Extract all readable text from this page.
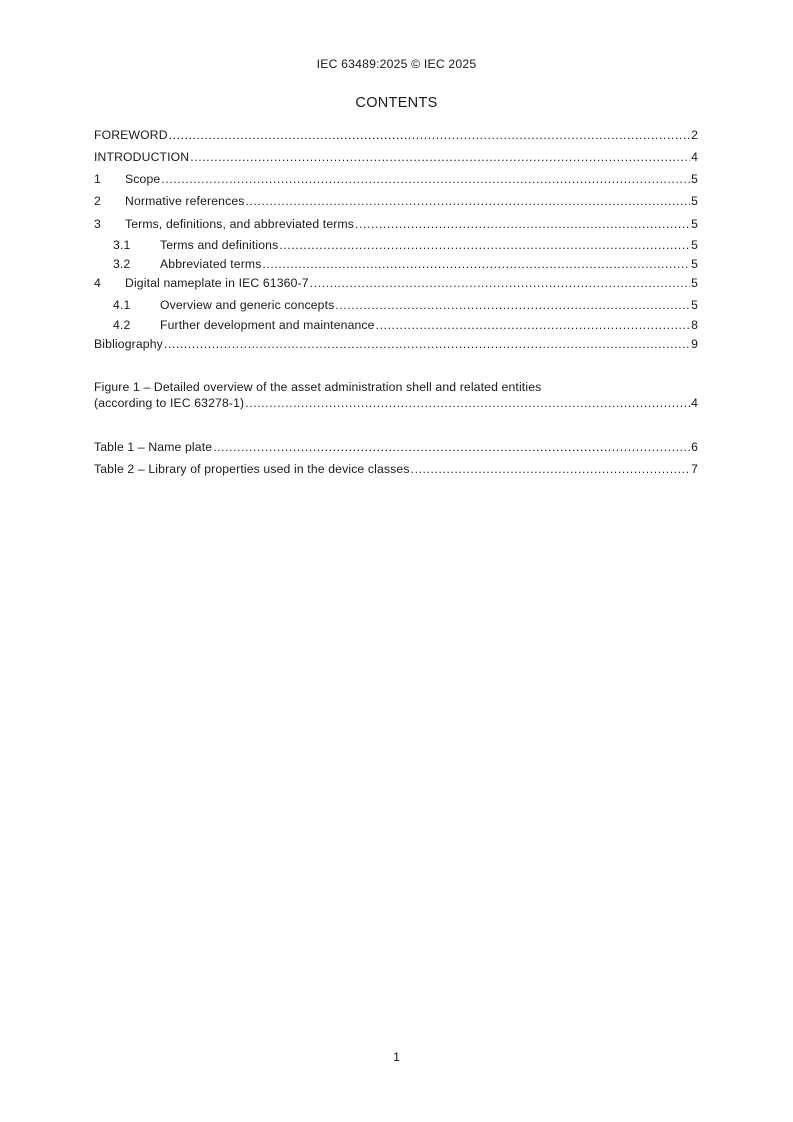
IEC 63489:2025 © IEC 2025
CONTENTS
FOREWORD .....	2
INTRODUCTION .....	4
1	Scope .....	5
2	Normative references .....	5
3	Terms, definitions, and abbreviated terms .....	5
3.1	Terms and definitions .....	5
3.2	Abbreviated terms .....	5
4	Digital nameplate in IEC 61360-7 .....	5
4.1	Overview and generic concepts .....	5
4.2	Further development and maintenance .....	8
Bibliography .....	9
Figure 1 – Detailed overview of the asset administration shell and related entities
(according to IEC 63278-1) .....	4
Table 1 – Name plate .....	6
Table 2 – Library of properties used in the device classes .....	7
1
